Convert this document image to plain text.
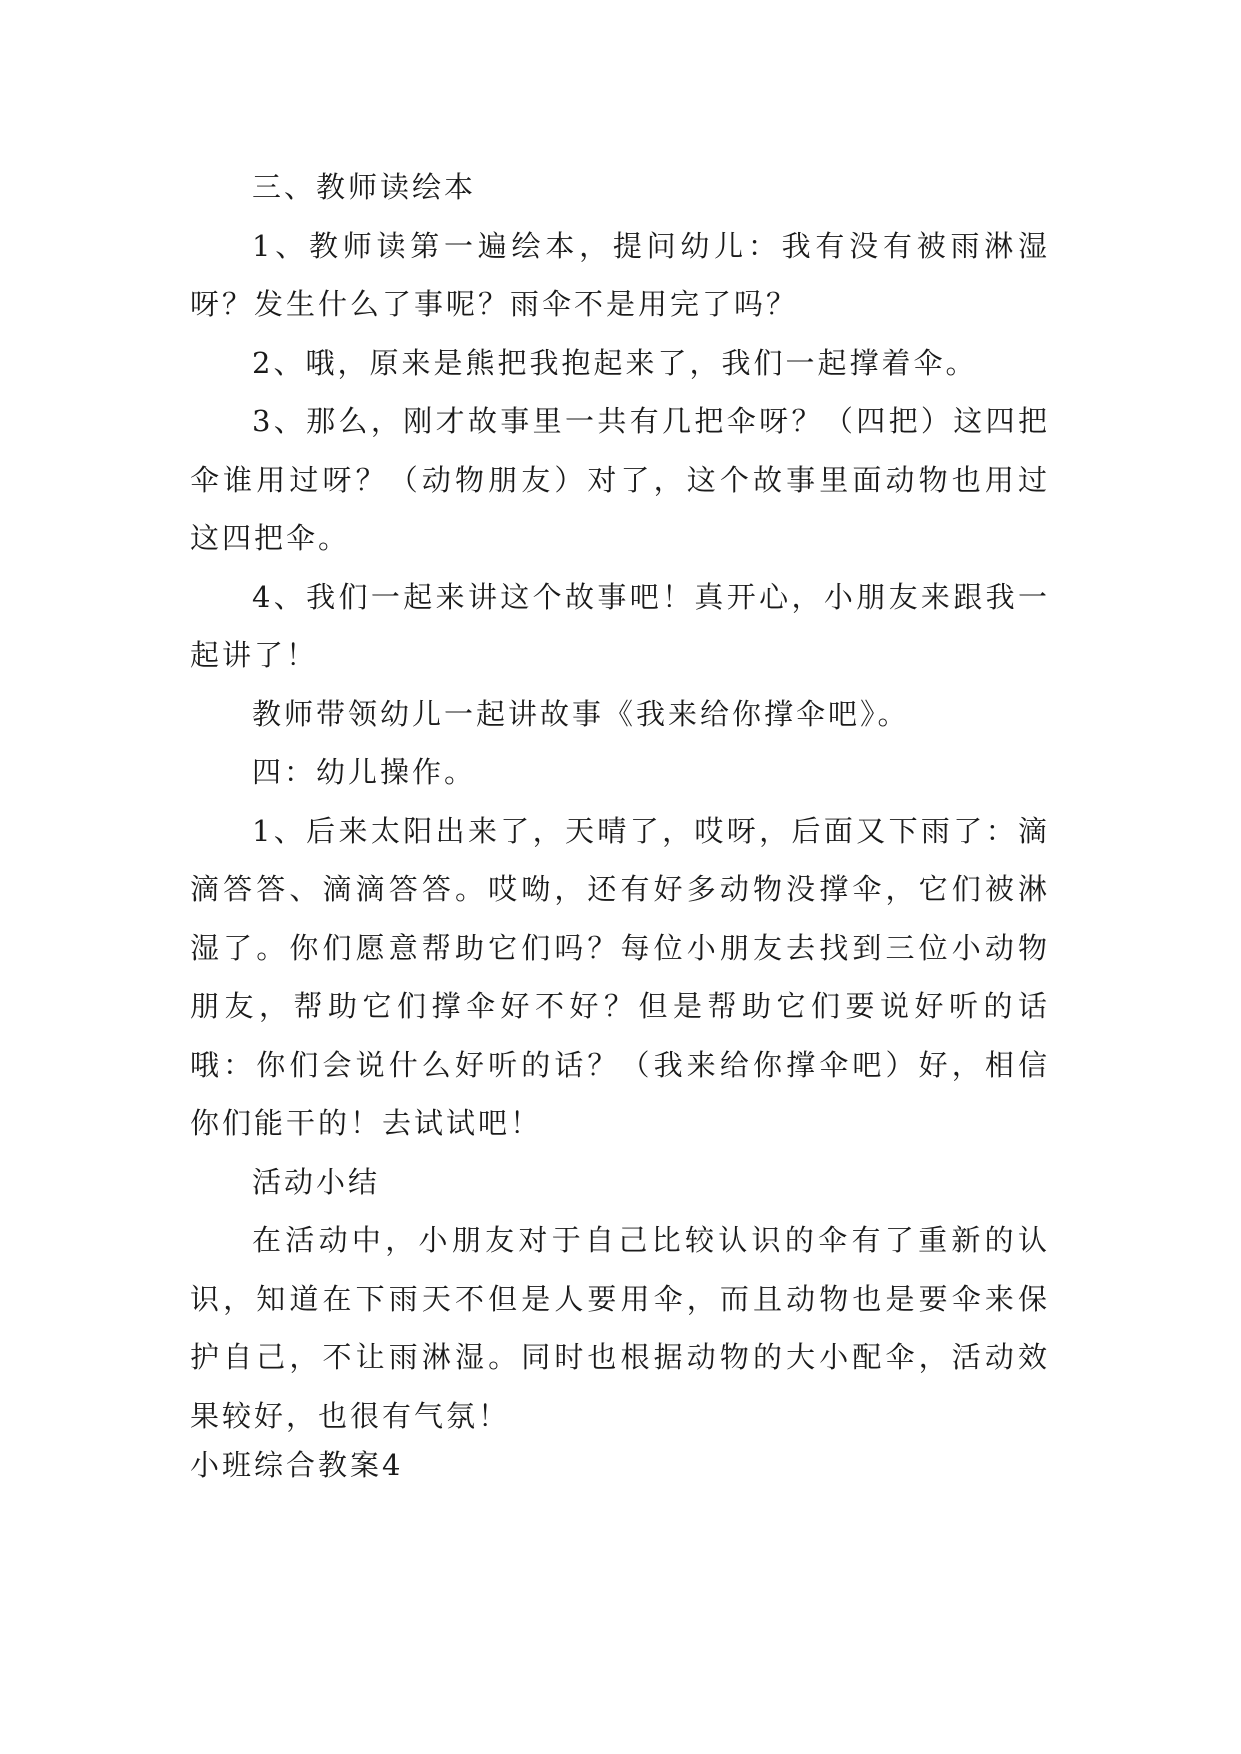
三、教师读绘本

1、教师读第一遍绘本，提问幼儿：我有没有被雨淋湿呀？发生什么了事呢？雨伞不是用完了吗？

2、哦，原来是熊把我抱起来了，我们一起撑着伞。

3、那么，刚才故事里一共有几把伞呀？（四把）这四把伞谁用过呀？（动物朋友）对了，这个故事里面动物也用过这四把伞。

4、我们一起来讲这个故事吧！真开心，小朋友来跟我一起讲了！

教师带领幼儿一起讲故事《我来给你撑伞吧》。

四：幼儿操作。

1、后来太阳出来了，天晴了，哎呀，后面又下雨了：滴滴答答、滴滴答答。哎呦，还有好多动物没撑伞，它们被淋湿了。你们愿意帮助它们吗？每位小朋友去找到三位小动物朋友，帮助它们撑伞好不好？但是帮助它们要说好听的话哦：你们会说什么好听的话？（我来给你撑伞吧）好，相信你们能干的！去试试吧！

活动小结

在活动中，小朋友对于自己比较认识的伞有了重新的认识，知道在下雨天不但是人要用伞，而且动物也是要伞来保护自己，不让雨淋湿。同时也根据动物的大小配伞，活动效果较好，也很有气氛！

小班综合教案4
